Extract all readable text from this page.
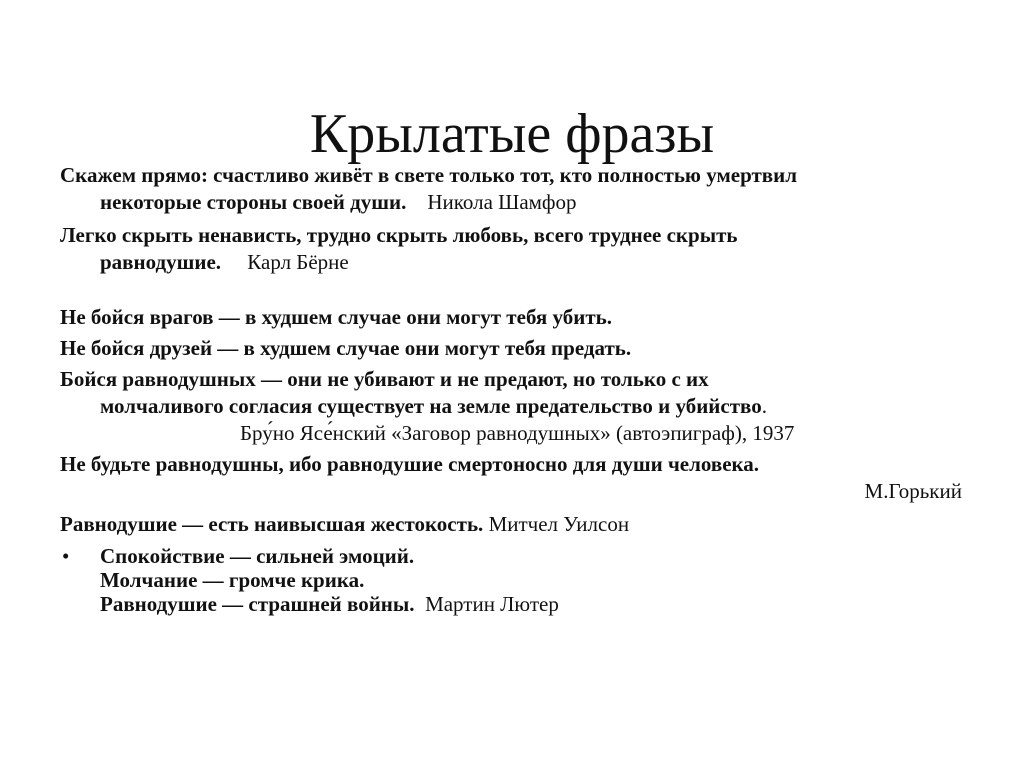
Крылатые фразы
Скажем прямо: счастливо живёт в свете только тот, кто полностью умертвил
некоторые стороны своей души. Никола Шамфор
Легко скрыть ненависть, трудно скрыть любовь, всего труднее скрыть
равнодушие. Карл Бёрне
Не бойся врагов — в худшем случае они могут тебя убить.
Не бойся друзей — в худшем случае они могут тебя предать.
Бойся равнодушных — они не убивают и не предают, но только с их
молчаливого согласия существует на земле предательство и убийство.
Бру́но Ясе́нский «Заговор равнодушных» (автоэпиграф), 1937
Не будьте равнодушны, ибо равнодушие смертоносно для души человека.
М.Горький
Равнодушие — есть наивысшая жестокость. Митчел Уилсон
• Спокойствие — сильней эмоций.
Молчание — громче крика.
Равнодушие — страшней войны. Мартин Лютер
